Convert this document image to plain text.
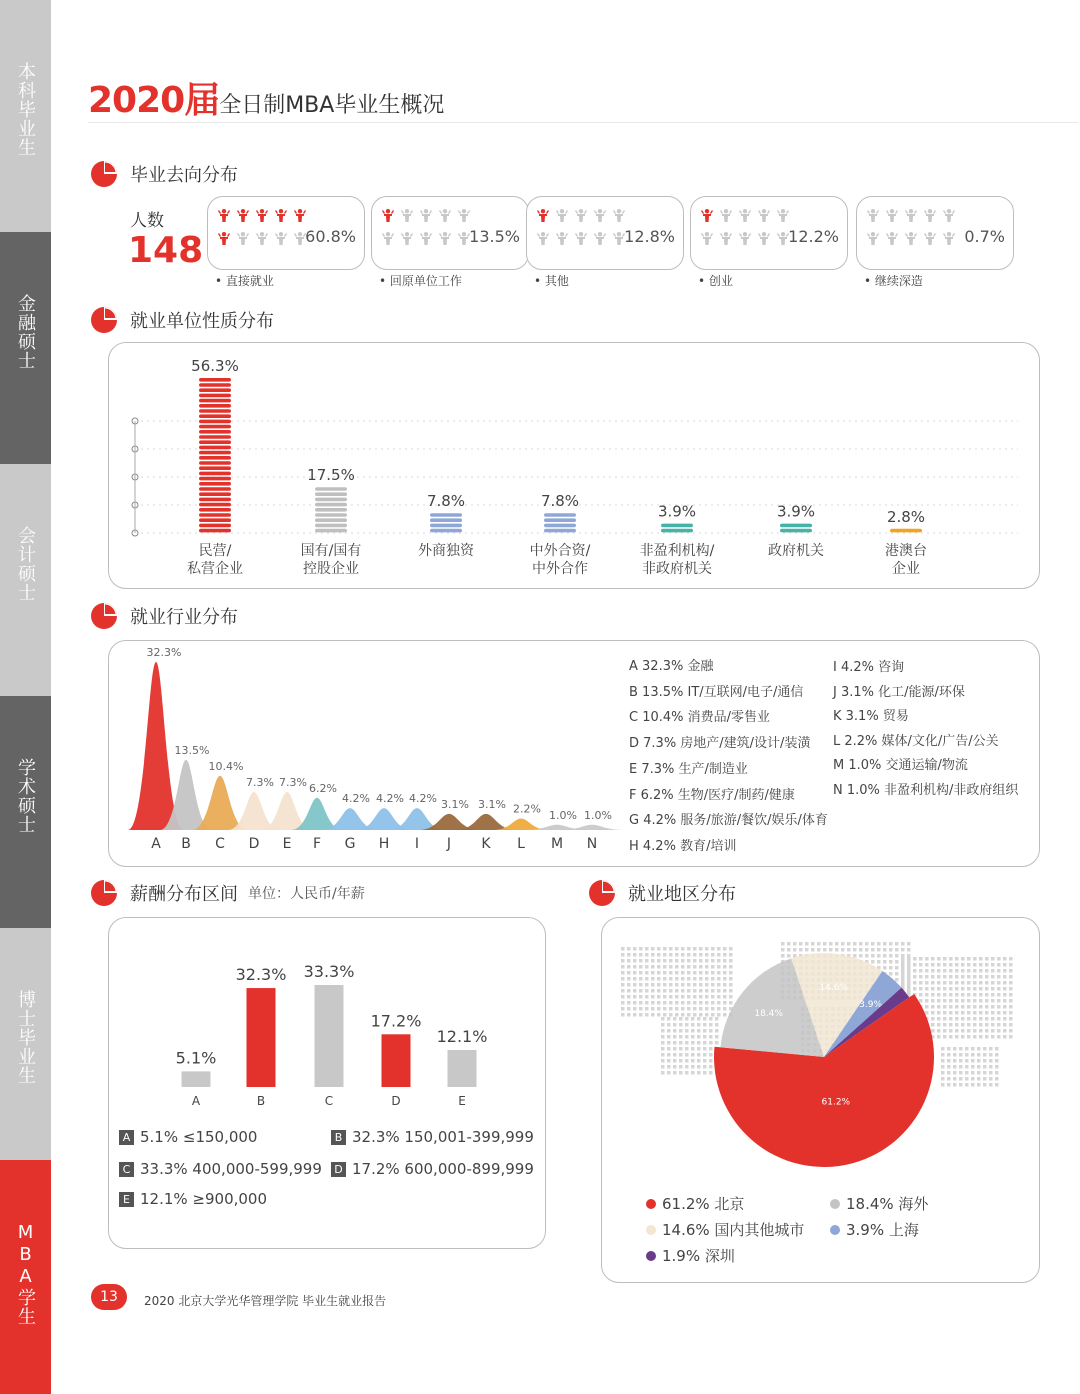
本科毕业生
金融硕士
会计硕士
学术硕士
博士毕业生
MBA学生
2020届全日制MBA毕业生概况
毕业去向分布
人数
148	60.8%
• 直接就业
13.5%
• 回原单位工作
12.8%
• 其他
12.2%
• 创业
0.7%
• 继续深造
就业单位性质分布
56.3%
民营/
私营企业
17.5%
国有/国有
控股企业
7.8%
外商独资
7.8%
中外合资/
中外合作
3.9%
非盈利机构/
非政府机关
3.9%
政府机关
2.8%
港澳台
企业
就业行业分布
32.3%
A
13.5%
B
10.4%
C
7.3%
D
7.3%
E
6.2%
F
4.2%
G
4.2%
H
4.2%
I
3.1%
J
3.1%
K
2.2%
L
1.0%
M
1.0%
N
A 32.3% 金融
B 13.5% IT/互联网/电子/通信
C 10.4% 消费品/零售业
D 7.3% 房地产/建筑/设计/装潢
E 7.3% 生产/制造业
F 6.2% 生物/医疗/制药/健康
G 4.2% 服务/旅游/餐饮/娱乐/体育
H 4.2% 教育/培训
I 4.2% 咨询
J 3.1% 化工/能源/环保
K 3.1% 贸易
L 2.2% 媒体/文化/广告/公关
M 1.0% 交通运输/物流
N 1.0% 非盈利机构/非政府组织
薪酬分布区间 单位：人民币/年薪
5.1%
A
32.3%
B
33.3%
C
17.2%
D
12.1%
E
A 5.1% ≤150,000	B 32.3% 150,001-399,999
C 33.3% 400,000-599,999 D 17.2% 600,000-899,999
E 12.1% ≥900,000
就业地区分布
14.6%
3.9%
61.2%
18.4%
61.2% 北京	18.4% 海外
14.6% 国内其他城市	3.9% 上海
1.9% 深圳
13	2020 北京大学光华管理学院 毕业生就业报告
